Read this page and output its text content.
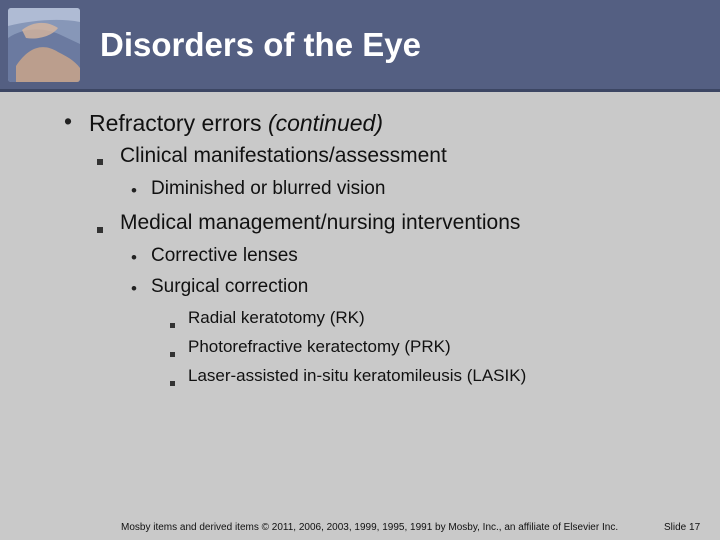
Disorders of the Eye
• Refractory errors (continued)
Clinical manifestations/assessment
• Diminished or blurred vision
Medical management/nursing interventions
• Corrective lenses
• Surgical correction
Radial keratotomy (RK)
Photorefractive keratectomy (PRK)
Laser-assisted in-situ keratomileusis (LASIK)
Mosby items and derived items © 2011, 2006, 2003, 1999, 1995, 1991 by Mosby, Inc., an affiliate of Elsevier Inc.	Slide 17
